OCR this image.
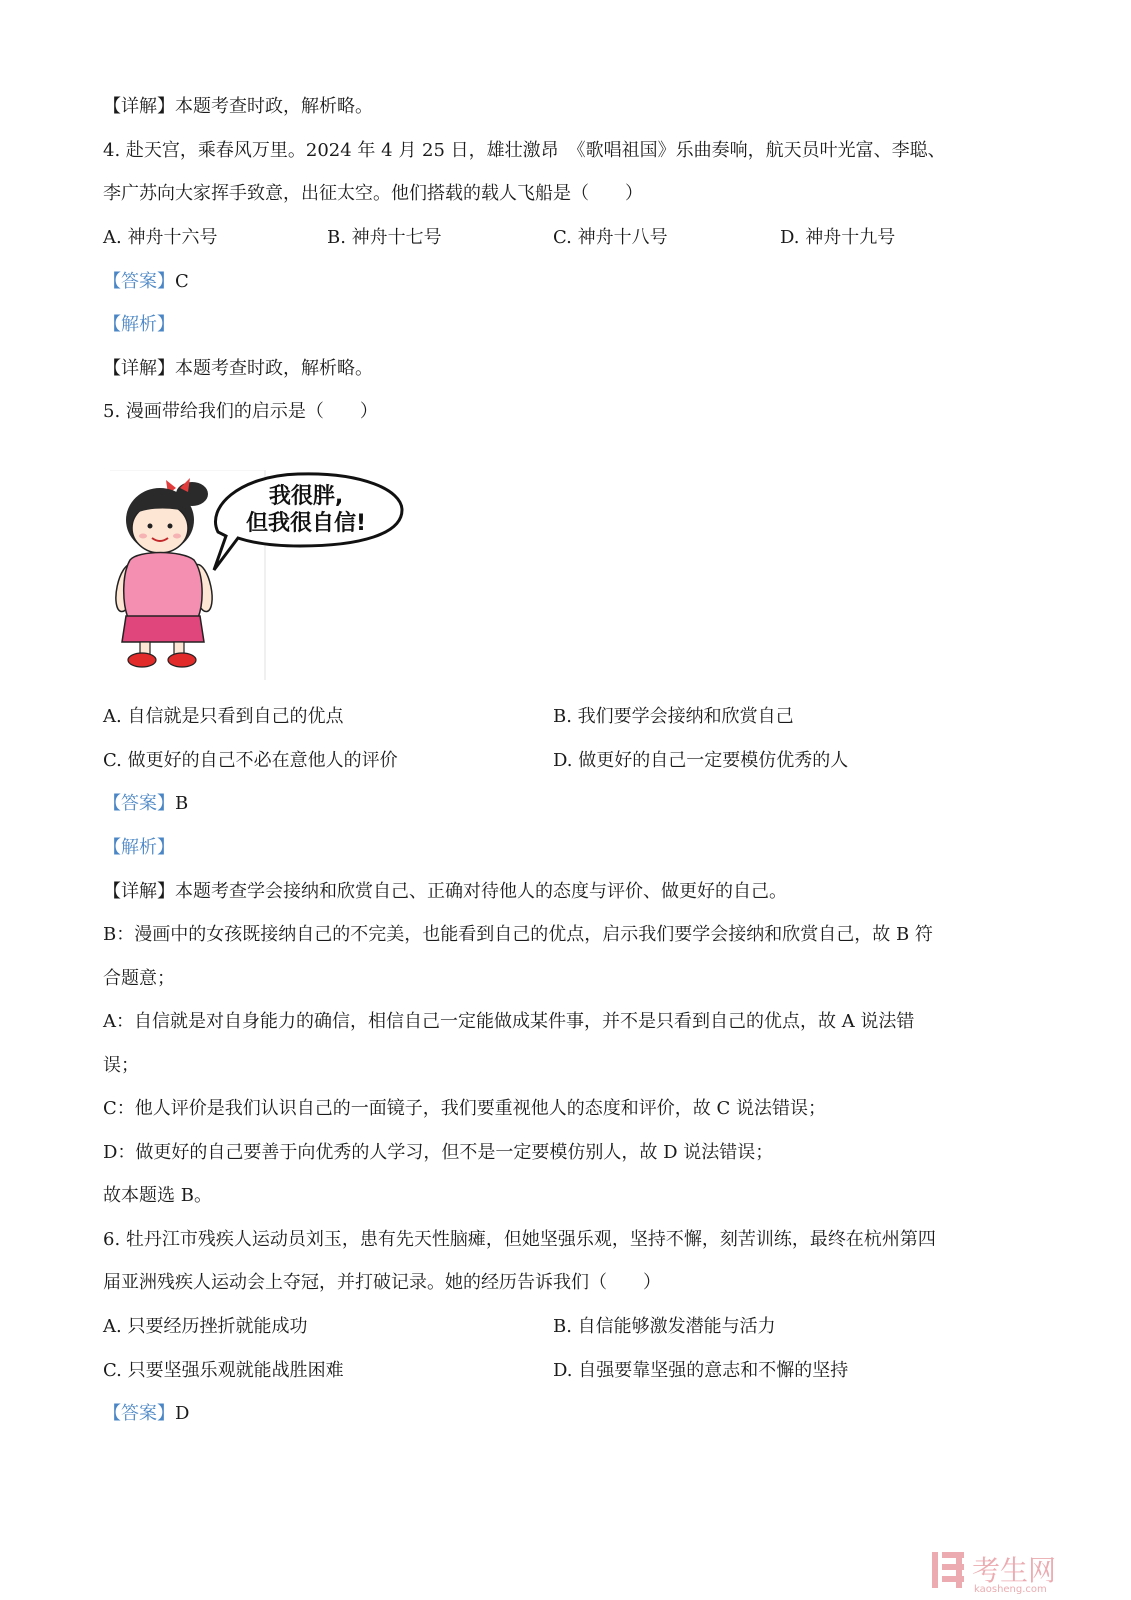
【详解】本题考查时政，解析略。
4. 赴天宫，乘春风万里。2024 年 4 月 25 日，雄壮激昂　《歌唱祖国》乐曲奏响，航天员叶光富、李聪、
李广苏向大家挥手致意，出征太空。他们搭载的载人飞船是（　　）
A. 神舟十六号	B. 神舟十七号	C. 神舟十八号	D. 神舟十九号
【答案】C
【解析】
【详解】本题考查时政，解析略。
5. 漫画带给我们的启示是（　　）
我很胖,
但我很自信!
A. 自信就是只看到自己的优点	B. 我们要学会接纳和欣赏自己
C. 做更好的自己不必在意他人的评价	D. 做更好的自己一定要模仿优秀的人
【答案】B
【解析】
【详解】本题考查学会接纳和欣赏自己、正确对待他人的态度与评价、做更好的自己。
B：漫画中的女孩既接纳自己的不完美，也能看到自己的优点，启示我们要学会接纳和欣赏自己，故 B 符
合题意；
A：自信就是对自身能力的确信，相信自己一定能做成某件事，并不是只看到自己的优点，故 A 说法错
误；
C：他人评价是我们认识自己的一面镜子，我们要重视他人的态度和评价，故 C 说法错误；
D：做更好的自己要善于向优秀的人学习，但不是一定要模仿别人，故 D 说法错误；
故本题选 B。
6. 牡丹江市残疾人运动员刘玉，患有先天性脑瘫，但她坚强乐观，坚持不懈，刻苦训练，最终在杭州第四
届亚洲残疾人运动会上夺冠，并打破记录。她的经历告诉我们（　　）
A. 只要经历挫折就能成功	B. 自信能够激发潜能与活力
C. 只要坚强乐观就能战胜困难	D. 自强要靠坚强的意志和不懈的坚持
【答案】D
考生网
kaosheng.com
